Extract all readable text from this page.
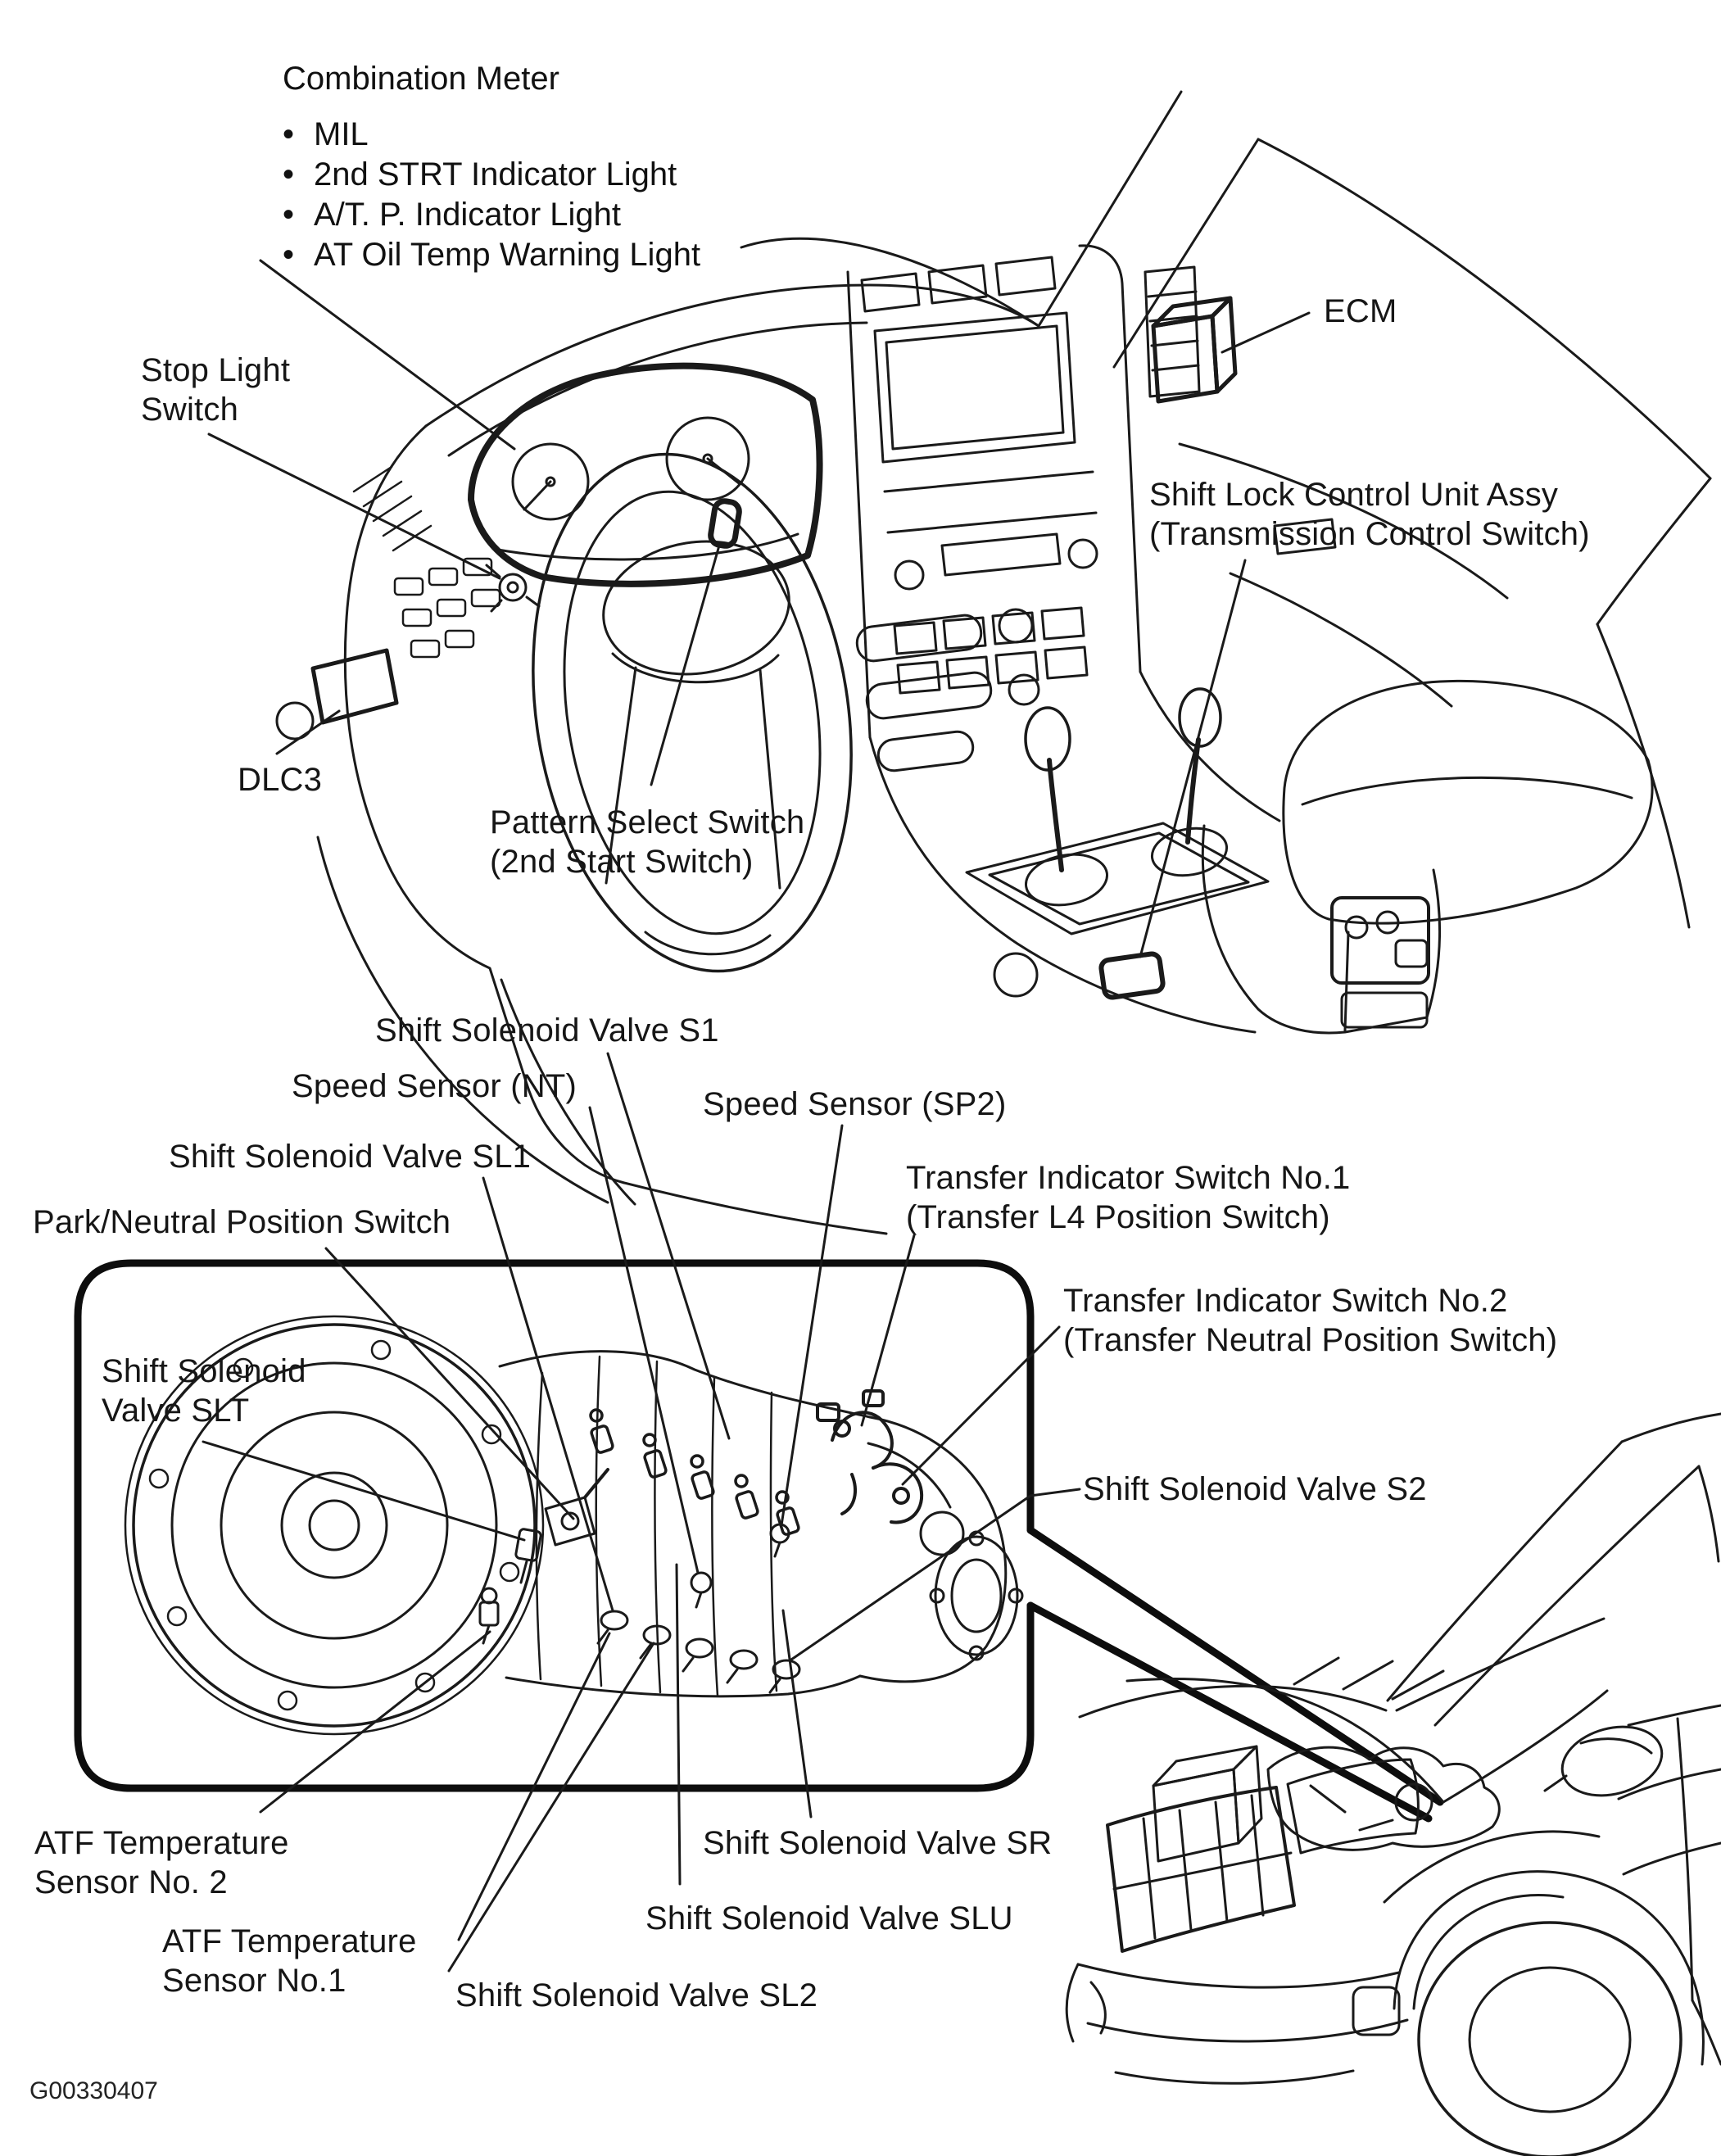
Combination Meter
• MIL
• 2nd STRT Indicator Light
• A/T. P. Indicator Light
• AT Oil Temp Warning Light
Stop Light
Switch
ECM
Shift Lock Control Unit Assy
(Transmission Control Switch)
DLC3
Pattern Select Switch
(2nd Start Switch)
Shift Solenoid Valve S1
Speed Sensor (NT)	Speed Sensor (SP2)
Shift Solenoid Valve SL1
Transfer Indicator Switch No.1
(Transfer L4 Position Switch)
Park/Neutral Position Switch
Transfer Indicator Switch No.2
(Transfer Neutral Position Switch)
Shift Solenoid
Valve SLT
Shift Solenoid Valve S2
ATF Temperature
Sensor No. 2
ATF Temperature
Sensor No.1
Shift Solenoid Valve SR
Shift Solenoid Valve SLU
Shift Solenoid Valve SL2
G00330407
